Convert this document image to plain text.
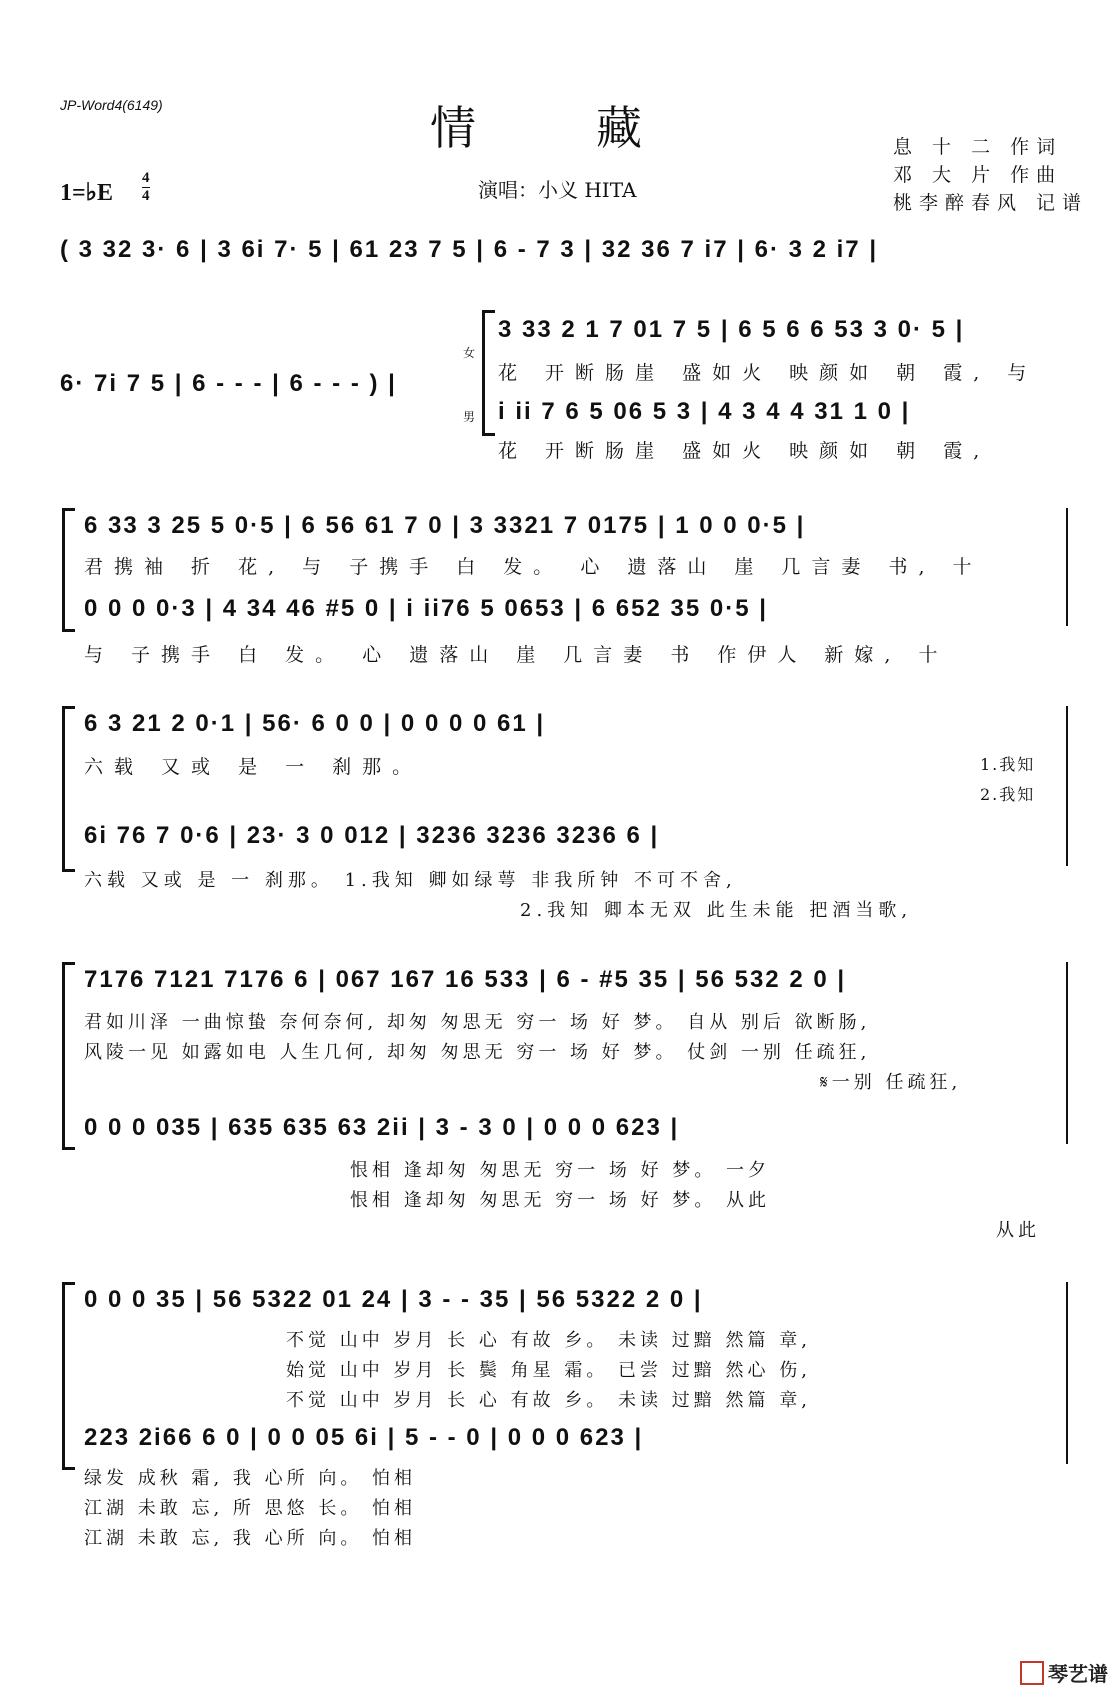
JP-Word4(6149)	情藏	息 十 二 作词
邓 大 片 作曲
桃李醉春风 记谱
1=♭E $\frac{4}{4}$	演唱：小义 HITA
( 3 32 3· 6 | 3 6i 7· 5 | 61 23 7 5 | 6 - 7 3 | 32 36 7 i7 | 6· 3 2 i7 |
6· 7i 7 5 | 6 - - - | 6 - - - ) |
女
男
3 33 2 1 7 01 7 5 | 6 5 6 6 53 3 0· 5 |
花 开断肠崖 盛如火 映颜如 朝 霞, 与
i ii 7 6 5 06 5 3 | 4 3 4 4 31 1 0 |
花 开断肠崖 盛如火 映颜如 朝 霞,
6 33 3 25 5 0·5 | 6 56 61 7 0 | 3 3321 7 0175 | 1 0 0 0·5 |
君携袖 折 花, 与 子携手 白 发。 心 遗落山 崖 几言妻 书, 十
0 0 0 0·3 | 4 34 46 #5 0 | i ii76 5 0653 | 6 652 35 0·5 |
与 子携手 白 发。 心 遗落山 崖 几言妻 书 作伊人 新嫁, 十
6 3 21 2 0·1 | 56· 6 0 0 | 0 0 0 0 61 |
六载 又或 是 一 刹那。	1.我知
2.我知
6i 76 7 0·6 | 23· 3 0 012 | 3236 3236 3236 6 |
六载 又或 是 一 刹那。 1.我知 卿如绿萼 非我所钟 不可不舍,
2.我知 卿本无双 此生未能 把酒当歌,
7176 7121 7176 6 | 067 167 16 533 | 6 - #5 35 | 56 532 2 0 |
君如川泽 一曲惊蛰 奈何奈何, 却匆 匆思无 穷一 场 好 梦。 自从 别后 欲断肠,
风陵一见 如露如电 人生几何, 却匆 匆思无 穷一 场 好 梦。 仗剑 一别 任疏狂,
𝄋一别 任疏狂,
0 0 0 035 | 635 635 63 2ii | 3 - 3 0 | 0 0 0 623 |
恨相 逢却匆 匆思无 穷一 场 好 梦。 一夕
恨相 逢却匆 匆思无 穷一 场 好 梦。 从此
从此
0 0 0 35 | 56 5322 01 24 | 3 - - 35 | 56 5322 2 0 |
不觉 山中 岁月 长 心 有故 乡。 未读 过黯 然篇 章,
始觉 山中 岁月 长 鬓 角星 霜。 已尝 过黯 然心 伤,
不觉 山中 岁月 长 心 有故 乡。 未读 过黯 然篇 章,
223 2i66 6 0 | 0 0 05 6i | 5 - - 0 | 0 0 0 623 |
绿发 成秋 霜, 我 心所 向。 怕相
江湖 未敢 忘, 所 思悠 长。 怕相
江湖 未敢 忘, 我 心所 向。 怕相
琴艺谱
